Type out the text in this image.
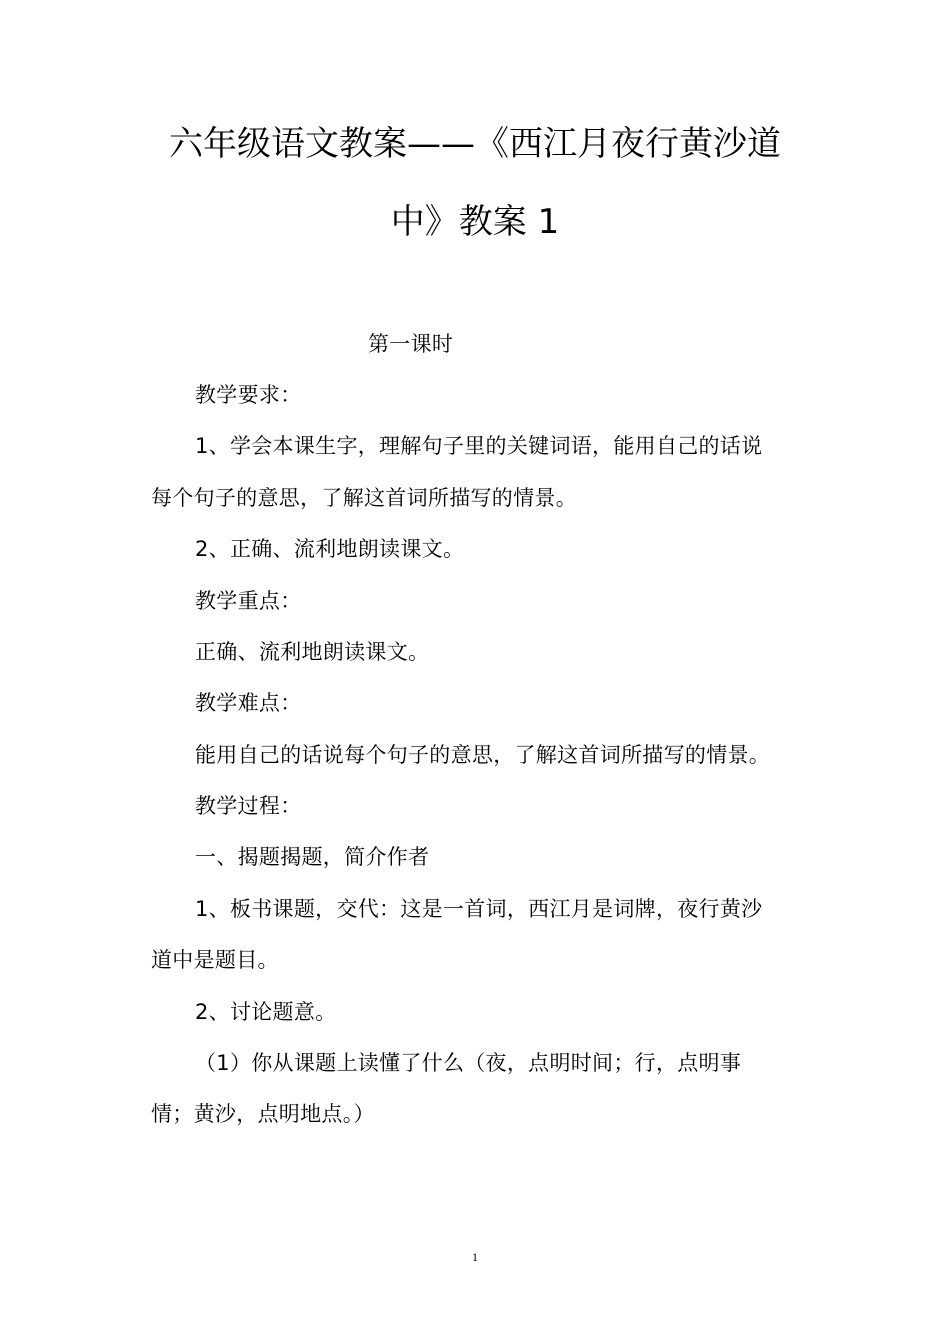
六年级语文教案——《西江月夜行黄沙道
中》教案 1
第一课时
教学要求：
1、学会本课生字，理解句子里的关键词语，能用自己的话说
每个句子的意思，了解这首词所描写的情景。
2、正确、流利地朗读课文。
教学重点：
正确、流利地朗读课文。
教学难点：
能用自己的话说每个句子的意思，了解这首词所描写的情景。
教学过程：
一、揭题揭题，简介作者
1、板书课题，交代：这是一首词，西江月是词牌，夜行黄沙
道中是题目。
2、讨论题意。
（1）你从课题上读懂了什么（夜，点明时间；行，点明事
情；黄沙，点明地点。）
1
